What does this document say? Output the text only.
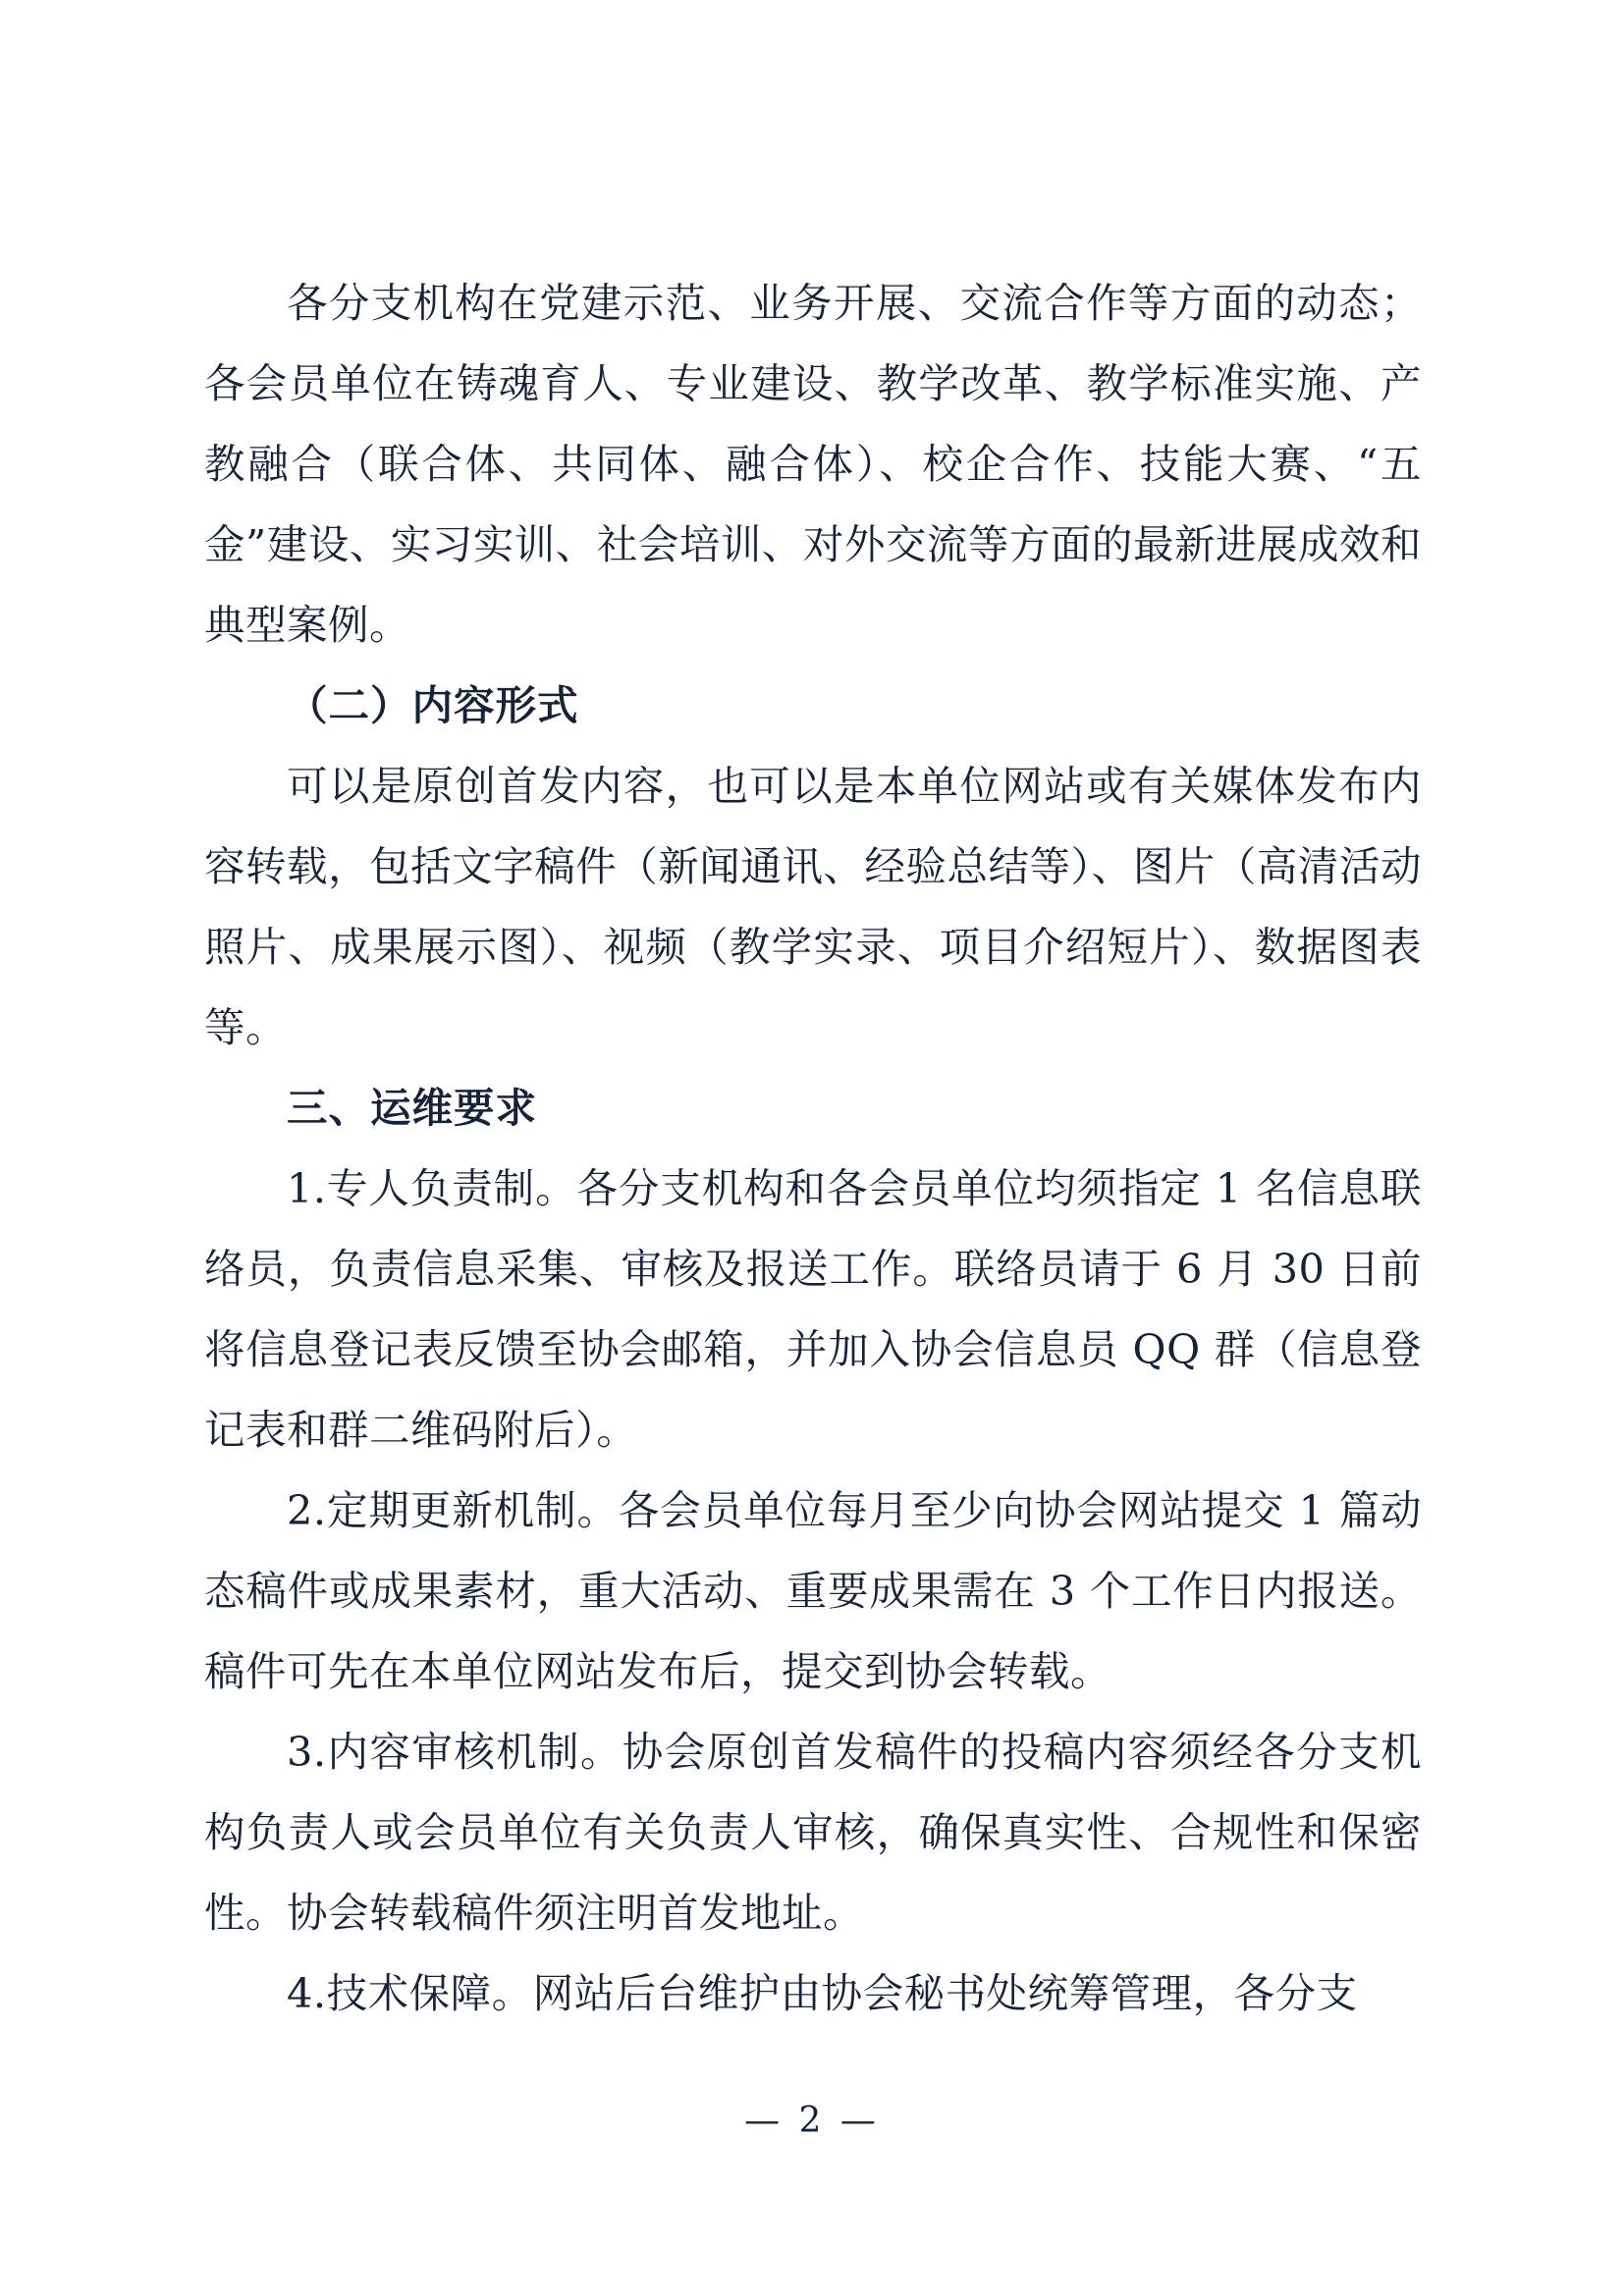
各分支机构在党建示范、业务开展、交流合作等方面的动态；各会员单位在铸魂育人、专业建设、教学改革、教学标准实施、产教融合（联合体、共同体、融合体）、校企合作、技能大赛、“五金”建设、实习实训、社会培训、对外交流等方面的最新进展成效和典型案例。

（二）内容形式

可以是原创首发内容，也可以是本单位网站或有关媒体发布内容转载，包括文字稿件（新闻通讯、经验总结等）、图片（高清活动照片、成果展示图）、视频（教学实录、项目介绍短片）、数据图表等。

三、运维要求

1.专人负责制。各分支机构和各会员单位均须指定 1 名信息联络员，负责信息采集、审核及报送工作。联络员请于 6 月 30 日前将信息登记表反馈至协会邮箱，并加入协会信息员 QQ 群（信息登记表和群二维码附后）。

2.定期更新机制。各会员单位每月至少向协会网站提交 1 篇动态稿件或成果素材，重大活动、重要成果需在 3 个工作日内报送。稿件可先在本单位网站发布后，提交到协会转载。

3.内容审核机制。协会原创首发稿件的投稿内容须经各分支机构负责人或会员单位有关负责人审核，确保真实性、合规性和保密性。协会转载稿件须注明首发地址。

4.技术保障。网站后台维护由协会秘书处统筹管理，各分支

— 2 —
